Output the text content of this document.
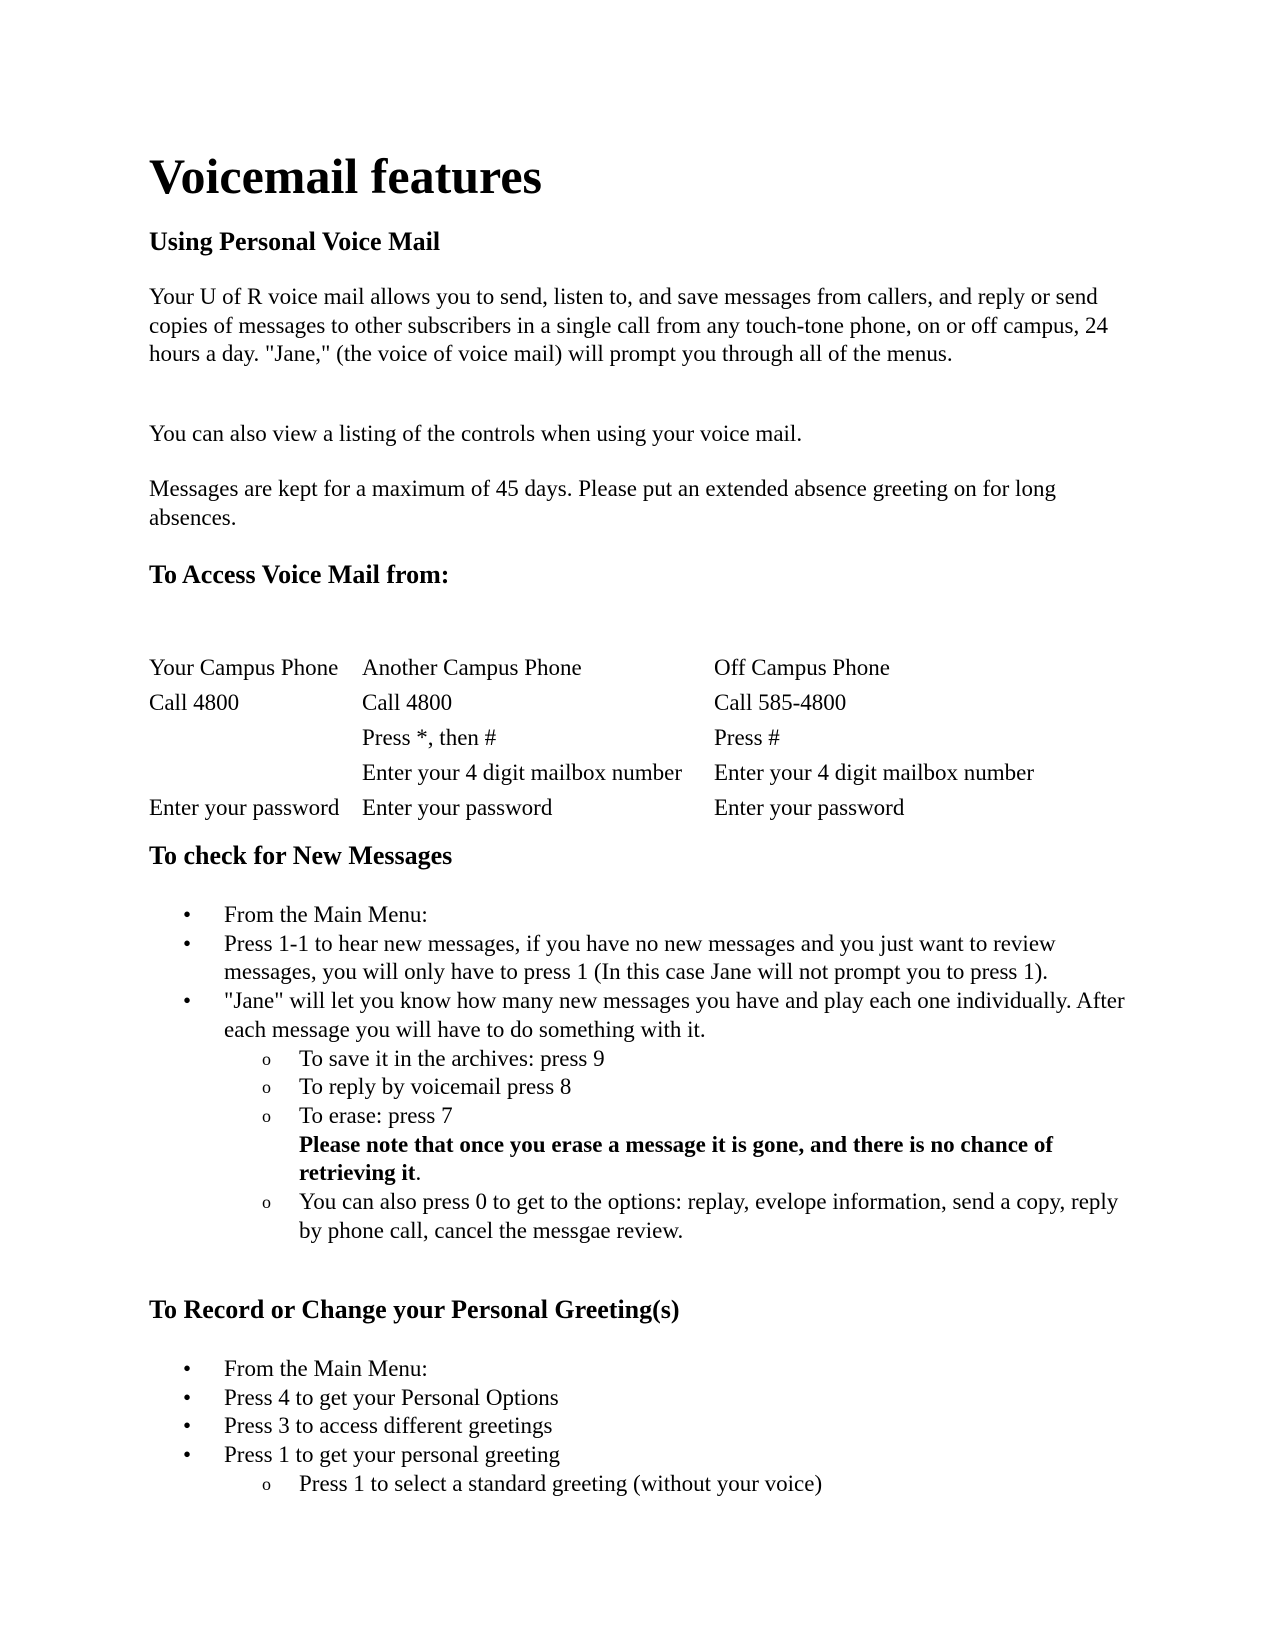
Voicemail features
Using Personal Voice Mail

Your U of R voice mail allows you to send, listen to, and save messages from callers, and reply or send copies of messages to other subscribers in a single call from any touch-tone phone, on or off campus, 24 hours a day. "Jane," (the voice of voice mail) will prompt you through all of the menus.

You can also view a listing of the controls when using your voice mail.

Messages are kept for a maximum of 45 days. Please put an extended absence greeting on for long absences.

To Access Voice Mail from:
Your Campus Phone	Another Campus Phone	Off Campus Phone
Call 4800	Call 4800	Call 585-4800
	Press *, then #	Press #
	Enter your 4 digit mailbox number	Enter your 4 digit mailbox number
Enter your password	Enter your password	Enter your password
To check for New Messages
• From the Main Menu:
• Press 1-1 to hear new messages, if you have no new messages and you just want to review messages, you will only have to press 1 (In this case Jane will not prompt you to press 1).
• "Jane" will let you know how many new messages you have and play each one individually. After each message you will have to do something with it.
o To save it in the archives: press 9
o To reply by voicemail press 8
o To erase: press 7
Please note that once you erase a message it is gone, and there is no chance of retrieving it.
o You can also press 0 to get to the options: replay, evelope information, send a copy, reply by phone call, cancel the messgae review.
To Record or Change your Personal Greeting(s)
• From the Main Menu:
• Press 4 to get your Personal Options
• Press 3 to access different greetings
• Press 1 to get your personal greeting
o Press 1 to select a standard greeting (without your voice)
